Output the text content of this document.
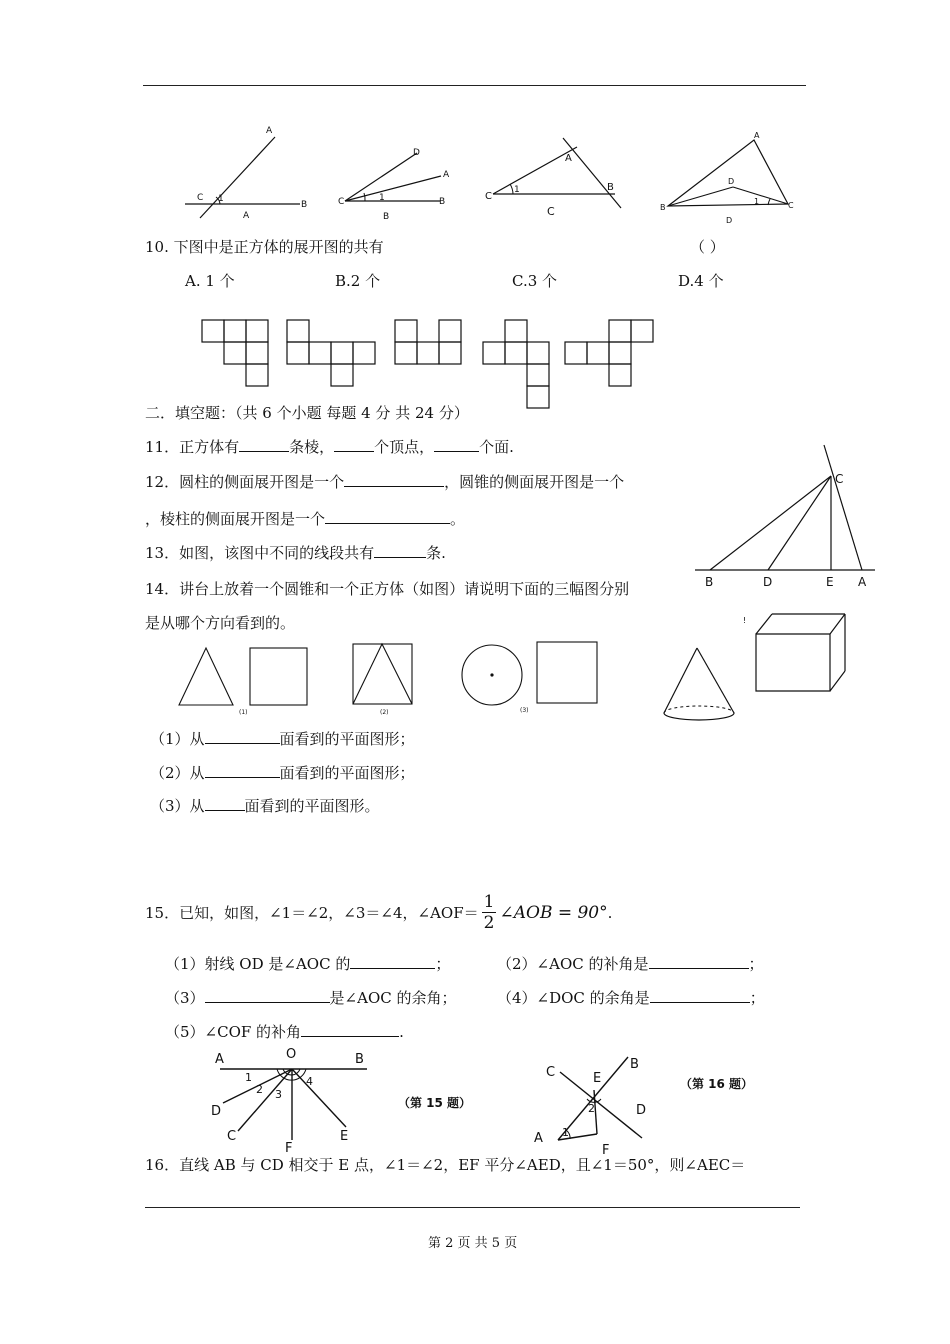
A
C 1
A
B
D
A
C	1	B
B
A
C
1	B
C
A
D
B
1	C
D
10. 下图中是正方体的展开图的共有	（ ）
A. 1 个	B.2 个	C.3 个	D.4 个
二．填空题：（共 6 个小题 每题 4 分 共 24 分）
11．正方体有	条棱，	个顶点，	个面.
12．圆柱的侧面展开图是一个	，圆锥的侧面展开图是一个
，棱柱的侧面展开图是一个	。
13．如图，该图中不同的线段共有	条.
C
B	D	E A
14．讲台上放着一个圆锥和一个正方体（如图）请说明下面的三幅图分别
是从哪个方向看到的。
(1)	(2)	(3)
!
（1）从	面看到的平面图形；
（2）从	面看到的平面图形；
（3）从	面看到的平面图形。
15．已知，如图，∠1＝∠2，∠3＝∠4，∠AOF＝ $\frac{1}{2}$ ∠AOB = 90° .
（1）射线 OD 是∠AOC 的	；	（2）∠AOC 的补角是	；
（3）	是∠AOC 的余角；	（4）∠DOC 的余角是	；
（5）∠COF 的补角	.
A	O	B
1
2 3
4
D
C
F
E
（第 15 题）
B
C	E
2	D
A 1
F
（第 16 题）
16．直线 AB 与 CD 相交于 E 点，∠1＝∠2，EF 平分∠AED，且∠1＝50°，则∠AEC＝
第 2 页 共 5 页
